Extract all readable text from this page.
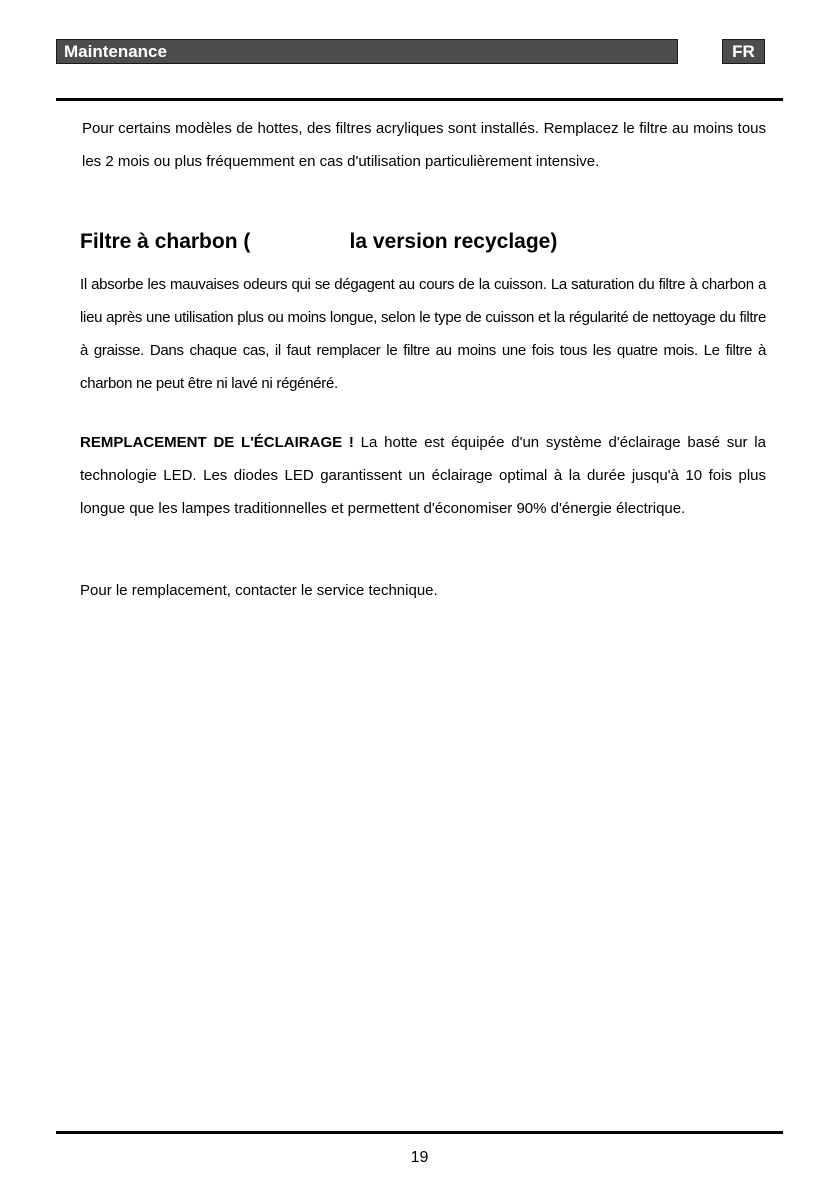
Maintenance	FR

Pour certains modèles de hottes, des filtres acryliques sont installés. Remplacez le filtre au moins tous les 2 mois ou plus fréquemment en cas d'utilisation particulièrement intensive.

Filtre à charbon (	la version recyclage)

Il absorbe les mauvaises odeurs qui se dégagent au cours de la cuisson. La saturation du filtre à charbon a lieu après une utilisation plus ou moins longue, selon le type de cuisson et la régularité de nettoyage du filtre à graisse. Dans chaque cas, il faut remplacer le filtre au moins une fois tous les quatre mois. Le filtre à charbon ne peut être ni lavé ni régénéré.

REMPLACEMENT DE L'ÉCLAIRAGE ! La hotte est équipée d'un système d'éclairage basé sur la technologie LED. Les diodes LED garantissent un éclairage optimal à la durée jusqu'à 10 fois plus longue que les lampes traditionnelles et permettent d'économiser 90% d'énergie électrique.

Pour le remplacement, contacter le service technique.

19
